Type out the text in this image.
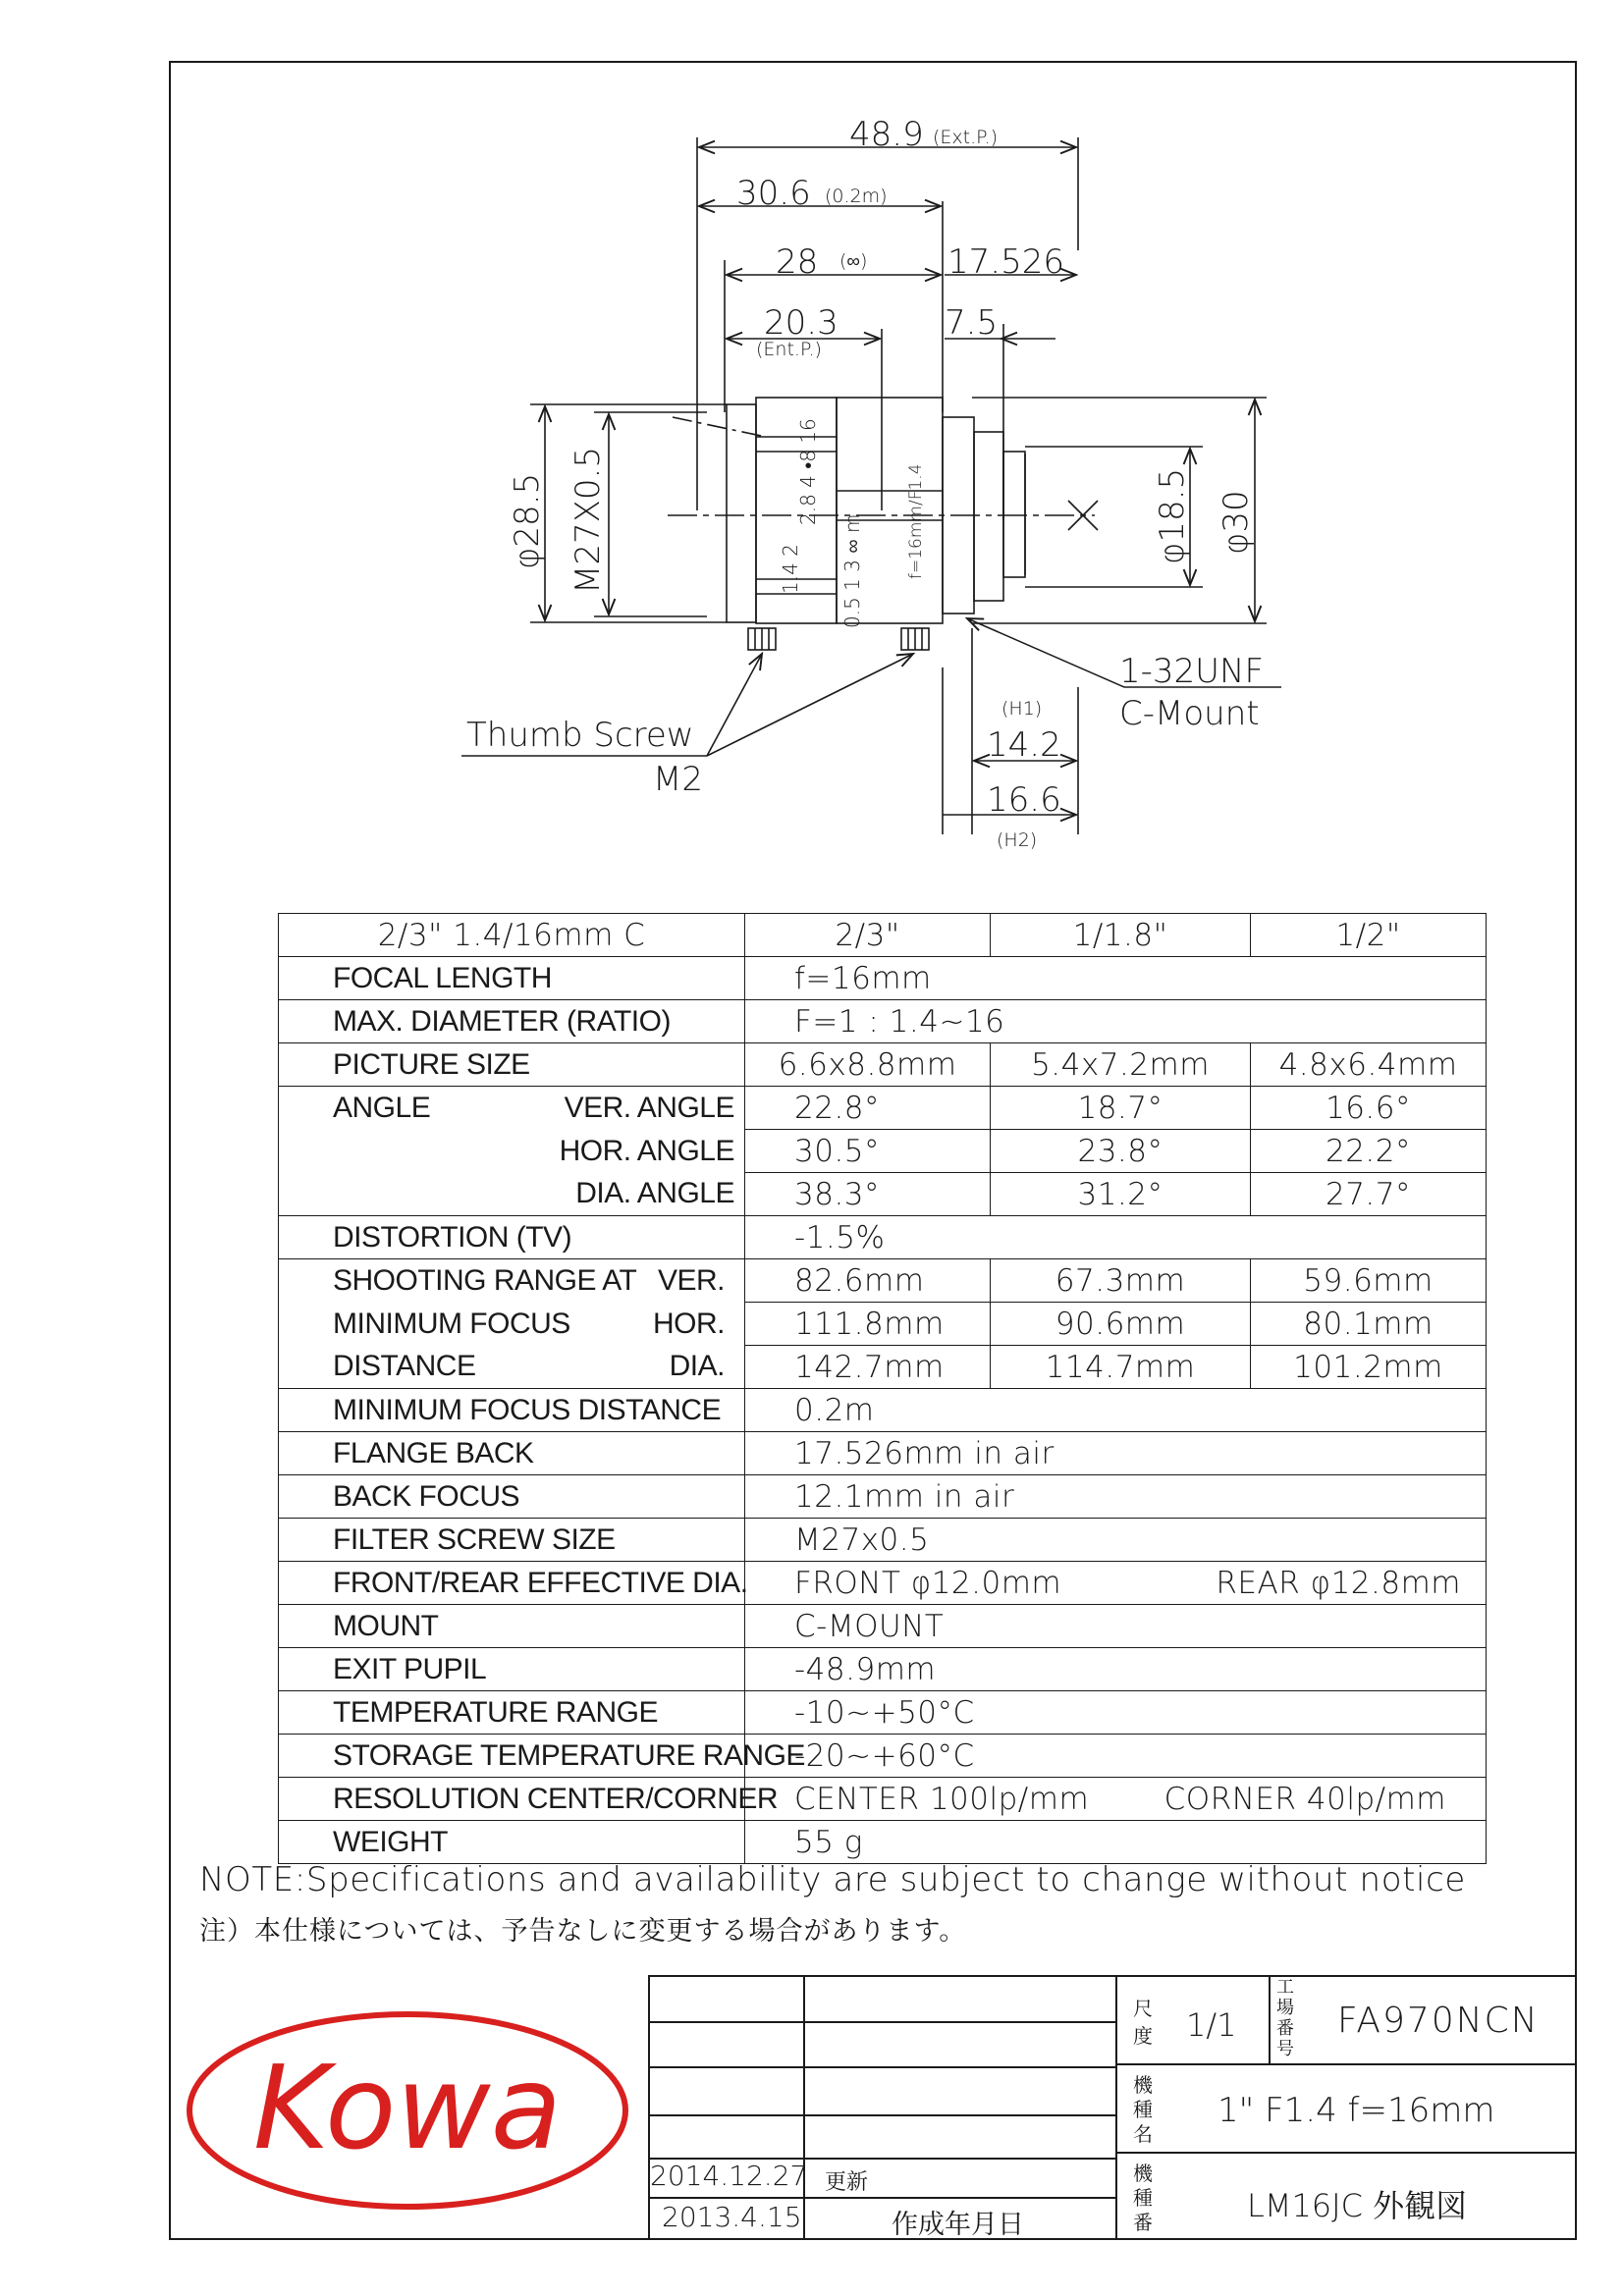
48.9 (Ext.P.)
30.6 (0.2m)
28 (∞) 17.526
20.3
(Ent.P.)
7.5
φ28.5 M27X0.5	φ18.5 φ30
1-32UNF
C-Mount
(H1)
14.2
16.6
(H2)
Thumb Screw
M2
2.8 4 •8 16
1.4 2 0.5 1 3 ∞ m	f=16mm/F1.4
2/3" 1.4/16mm C	2/3"	1/1.8"	1/2"
FOCAL LENGTH	f=16mm		
MAX. DIAMETER (RATIO)	F=1 : 1.4~16		
PICTURE SIZE	6.6x8.8mm	5.4x7.2mm	4.8x6.4mm
ANGLE VER. ANGLE	22.8°	18.7°	16.6°
HOR. ANGLE	30.5°	23.8°	22.2°
DIA. ANGLE	38.3°	31.2°	27.7°
DISTORTION (TV)	-1.5%		
SHOOTING RANGE AT VER.	82.6mm	67.3mm	59.6mm
MINIMUM FOCUS HOR.	111.8mm	90.6mm	80.1mm
DISTANCE DIA.	142.7mm	114.7mm	101.2mm
MINIMUM FOCUS DISTANCE	0.2m		
FLANGE BACK	17.526mm in air		
BACK FOCUS	12.1mm in air		
FILTER SCREW SIZE	M27x0.5		
FRONT/REAR EFFECTIVE DIA.	FRONT φ12.0mm REAR φ12.8mm		

MOUNT	C-MOUNT		
EXIT PUPIL	-48.9mm		
TEMPERATURE RANGE	-10~+50°C		
STORAGE TEMPERATURE RANGE	-20~+60°C		
RESOLUTION CENTER/CORNER	CENTER 100lp/mm CORNER 40lp/mm		

WEIGHT	55 g		
NOTE:Specifications and availability are subject to change without notice
注）本仕様については、予告なしに変更する場合があります。
Kowa
2014.12.27 更新
2013.4.15	作成年月日
尺度 1/1
工場番号
FA970NCN
機種名
1" F1.4 f=16mm
機種番	LM16JC 外観図
